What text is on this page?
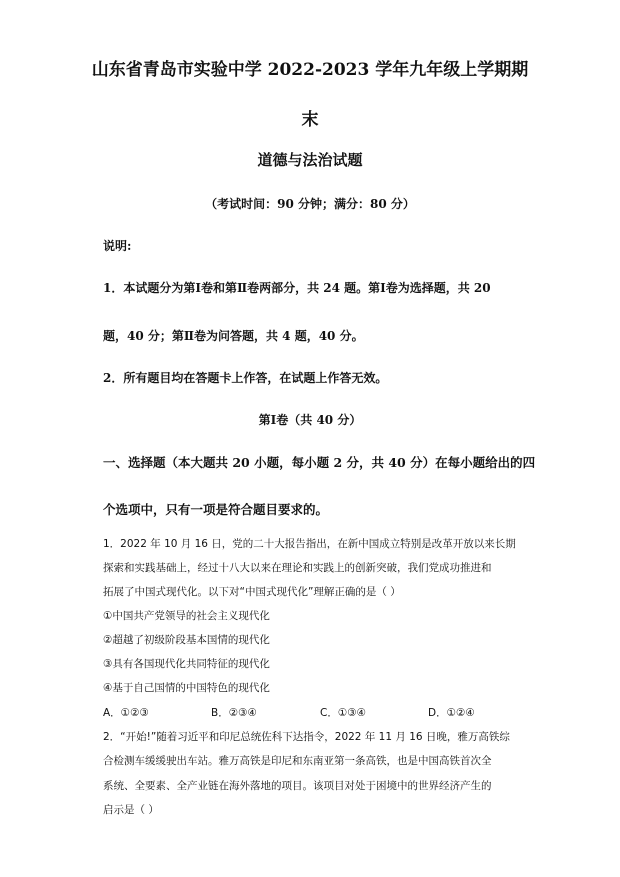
山东省青岛市实验中学 2022-2023 学年九年级上学期期
末
道德与法治试题
（考试时间：90 分钟；满分：80 分）
说明:
1．本试题分为第Ⅰ卷和第Ⅱ卷两部分，共 24 题。第Ⅰ卷为选择题，共 20
题，40 分；第Ⅱ卷为问答题，共 4 题，40 分。
2．所有题目均在答题卡上作答，在试题上作答无效。
第Ⅰ卷（共 40 分）
一、选择题（本大题共 20 小题，每小题 2 分，共 40 分）在每小题给出的四
个选项中，只有一项是符合题目要求的。
1．2022 年 10 月 16 日，党的二十大报告指出，在新中国成立特别是改革开放以来长期
探索和实践基础上，经过十八大以来在理论和实践上的创新突破，我们党成功推进和
拓展了中国式现代化。以下对“中国式现代化”理解正确的是（ ）
①中国共产党领导的社会主义现代化
②超越了初级阶段基本国情的现代化
③具有各国现代化共同特征的现代化
④基于自己国情的中国特色的现代化
A．①②③	B．②③④	C．①③④	D．①②④
2．“开始!”随着习近平和印尼总统佐科下达指令，2022 年 11 月 16 日晚，雅万高铁综
合检测车缓缓驶出车站。雅万高铁是印尼和东南亚第一条高铁，也是中国高铁首次全
系统、全要素、全产业链在海外落地的项目。该项目对处于困境中的世界经济产生的
启示是（ ）
